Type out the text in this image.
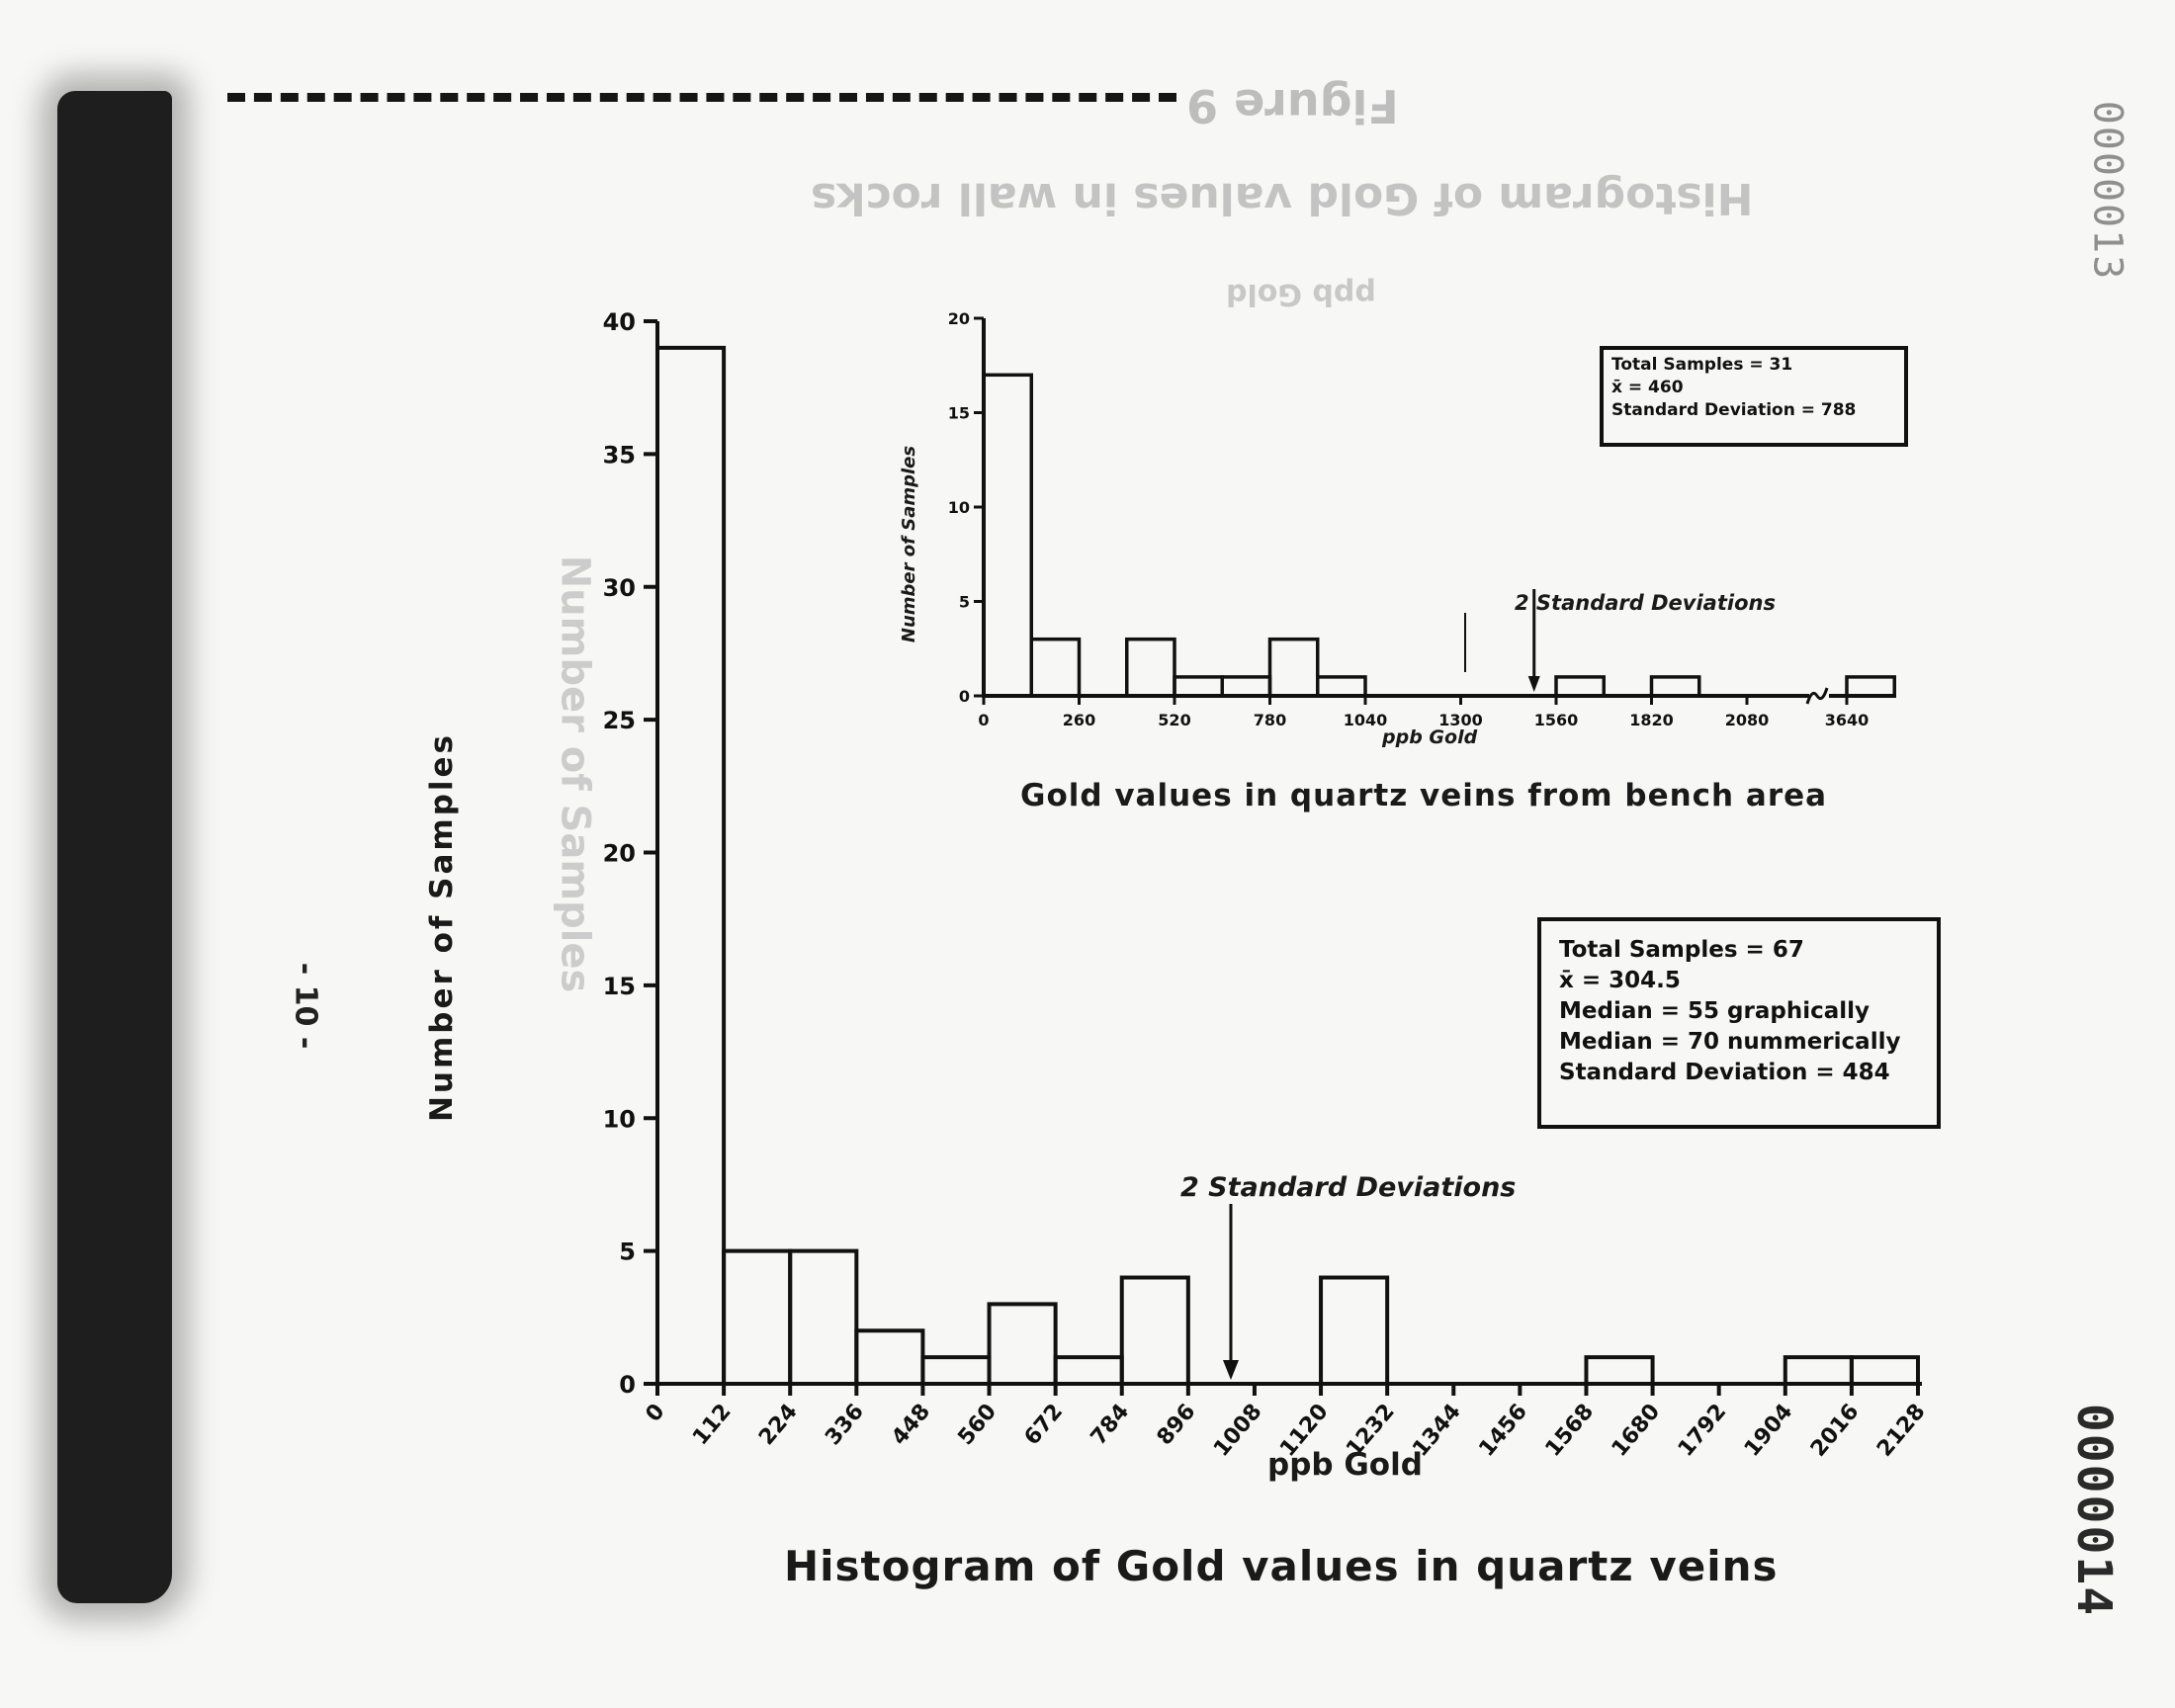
Figure 9
Histogram of Gold values in wall rocks
ppb Gold
Number of Samples
- 10 -
0000013
0000014
0
5
10
15
20
25
30
35
40
0 112 224 336 448 560 672 784 896 1008 1120 1232 1344 1456 1568 1680 1792 1904 2016 2128
0
5
10
15
20
0	260	520	780	1040	1300	1560	1820	2080	3640
Number of Samples
Number of Samples
ppb Gold
ppb Gold
2 Standard Deviations
2 Standard Deviations
Total Samples = 31
x̄ = 460
Standard Deviation = 788
Total Samples = 67
x̄ = 304.5
Median = 55 graphically
Median = 70 nummerically
Standard Deviation = 484
Gold values in quartz veins from bench area
Histogram of Gold values in quartz veins
